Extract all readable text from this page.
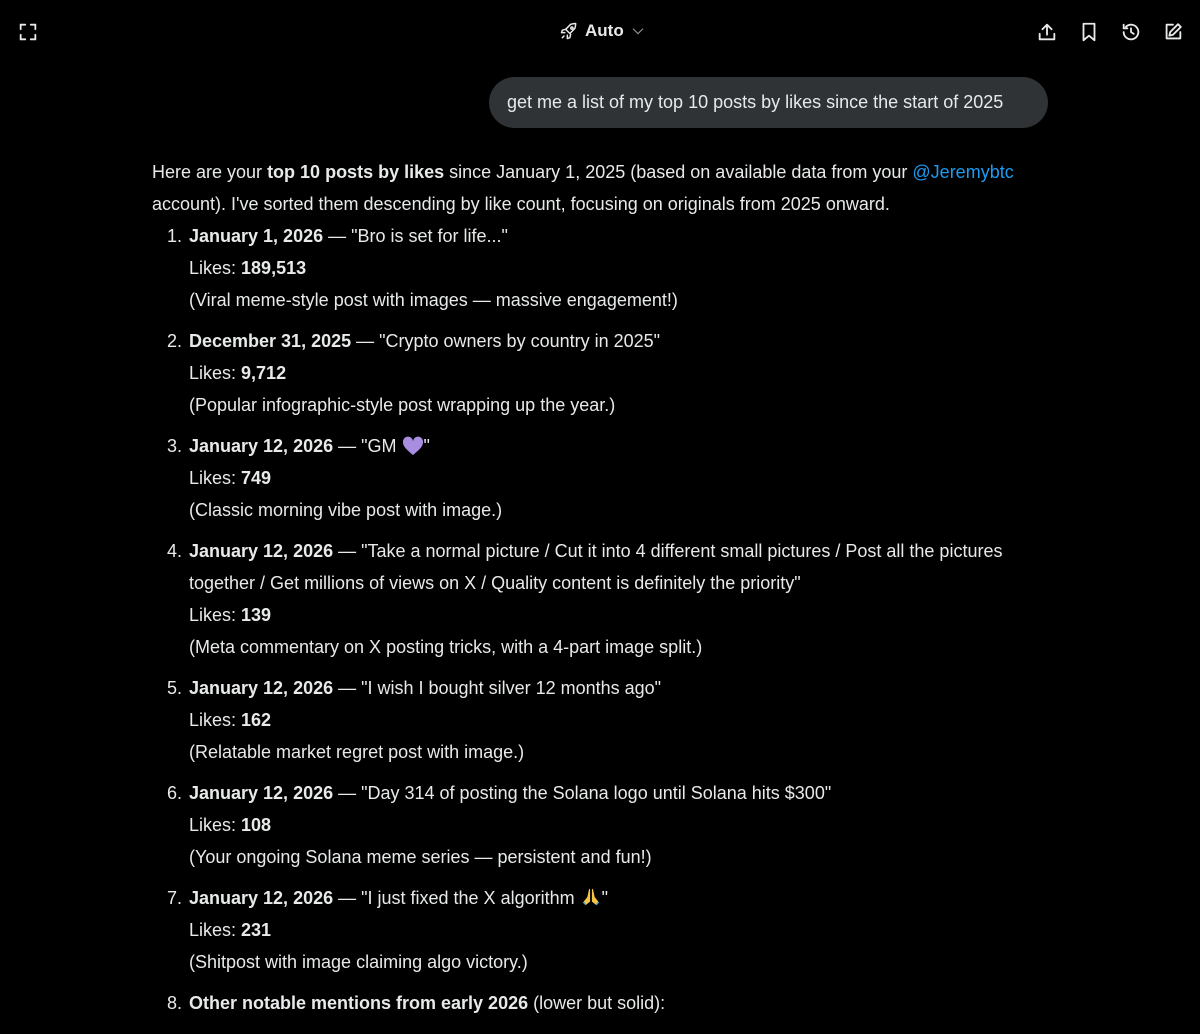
Auto
get me a list of my top 10 posts by likes since the start of 2025

Here are your top 10 posts by likes since January 1, 2025 (based on available data from your @Jeremybtc account). I've sorted them descending by like count, focusing on originals from 2025 onward.

1. January 1, 2026 — "Bro is set for life..."
Likes: 189,513
(Viral meme-style post with images — massive engagement!)
2. December 31, 2025 — "Crypto owners by country in 2025"
Likes: 9,712
(Popular infographic-style post wrapping up the year.)
3. January 12, 2026 — "GM "
Likes: 749
(Classic morning vibe post with image.)
4. January 12, 2026 — "Take a normal picture / Cut it into 4 different small pictures / Post all the pictures together / Get millions of views on X / Quality content is definitely the priority"
Likes: 139
(Meta commentary on X posting tricks, with a 4-part image split.)
5. January 12, 2026 — "I wish I bought silver 12 months ago"
Likes: 162
(Relatable market regret post with image.)
6. January 12, 2026 — "Day 314 of posting the Solana logo until Solana hits $300"
Likes: 108
(Your ongoing Solana meme series — persistent and fun!)
7. January 12, 2026 — "I just fixed the X algorithm "
Likes: 231
(Shitpost with image claiming algo victory.)
8. Other notable mentions from early 2026 (lower but solid):
